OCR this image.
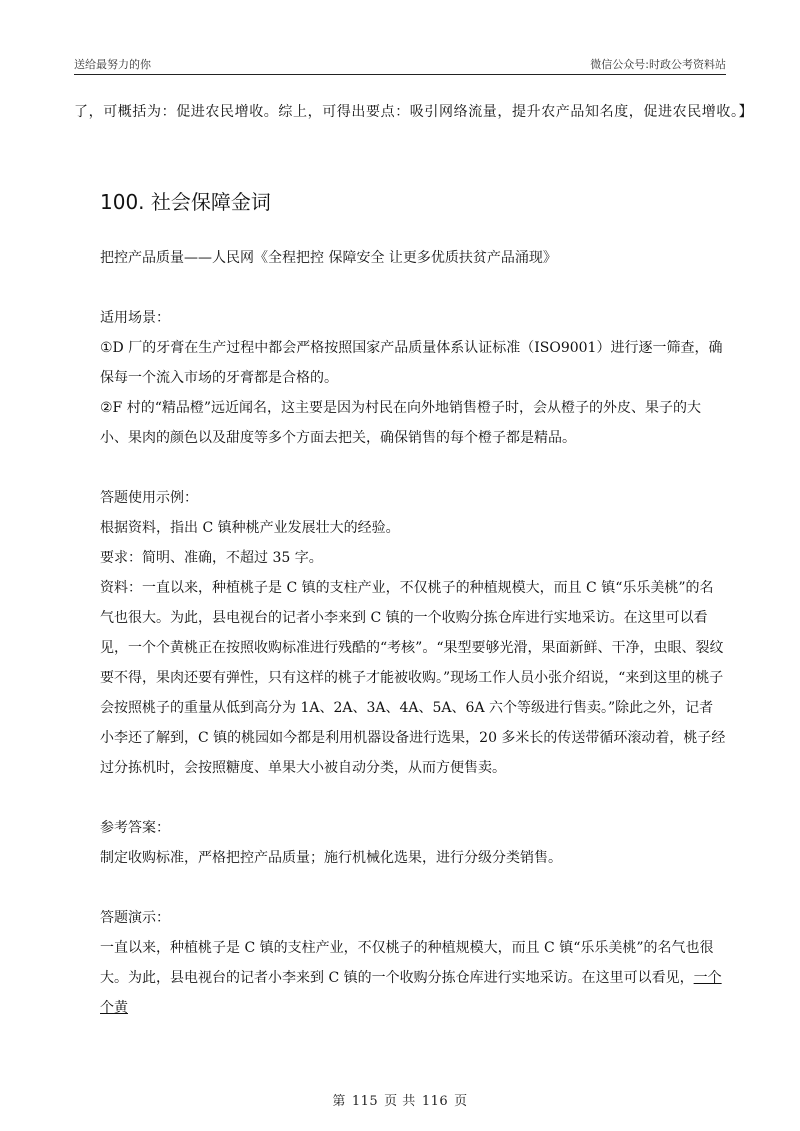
送给最努力的你	微信公众号:时政公考资料站
了，可概括为：促进农民增收。综上，可得出要点：吸引网络流量，提升农产品知名度，促进农民增收。】
100. 社会保障金词

把控产品质量——人民网《全程把控 保障安全 让更多优质扶贫产品涌现》

适用场景：

①D 厂的牙膏在生产过程中都会严格按照国家产品质量体系认证标准（ISO9001）进行逐一筛查，确保每一个流入市场的牙膏都是合格的。

②F 村的“精品橙”远近闻名，这主要是因为村民在向外地销售橙子时，会从橙子的外皮、果子的大小、果肉的颜色以及甜度等多个方面去把关，确保销售的每个橙子都是精品。

答题使用示例：

根据资料，指出 C 镇种桃产业发展壮大的经验。

要求：简明、准确，不超过 35 字。

资料：一直以来，种植桃子是 C 镇的支柱产业，不仅桃子的种植规模大，而且 C 镇“乐乐美桃”的名气也很大。为此，县电视台的记者小李来到 C 镇的一个收购分拣仓库进行实地采访。在这里可以看见，一个个黄桃正在按照收购标准进行残酷的“考核”。“果型要够光滑，果面新鲜、干净，虫眼、裂纹要不得，果肉还要有弹性，只有这样的桃子才能被收购。”现场工作人员小张介绍说，“来到这里的桃子会按照桃子的重量从低到高分为 1A、2A、3A、4A、5A、6A 六个等级进行售卖。”除此之外，记者小李还了解到，C 镇的桃园如今都是利用机器设备进行选果，20 多米长的传送带循环滚动着，桃子经过分拣机时，会按照糖度、单果大小被自动分类，从而方便售卖。

参考答案：

制定收购标准，严格把控产品质量；施行机械化选果，进行分级分类销售。

答题演示：

一直以来，种植桃子是 C 镇的支柱产业，不仅桃子的种植规模大，而且 C 镇“乐乐美桃”的名气也很大。为此，县电视台的记者小李来到 C 镇的一个收购分拣仓库进行实地采访。在这里可以看见，一个个黄

第 115 页 共 116 页
